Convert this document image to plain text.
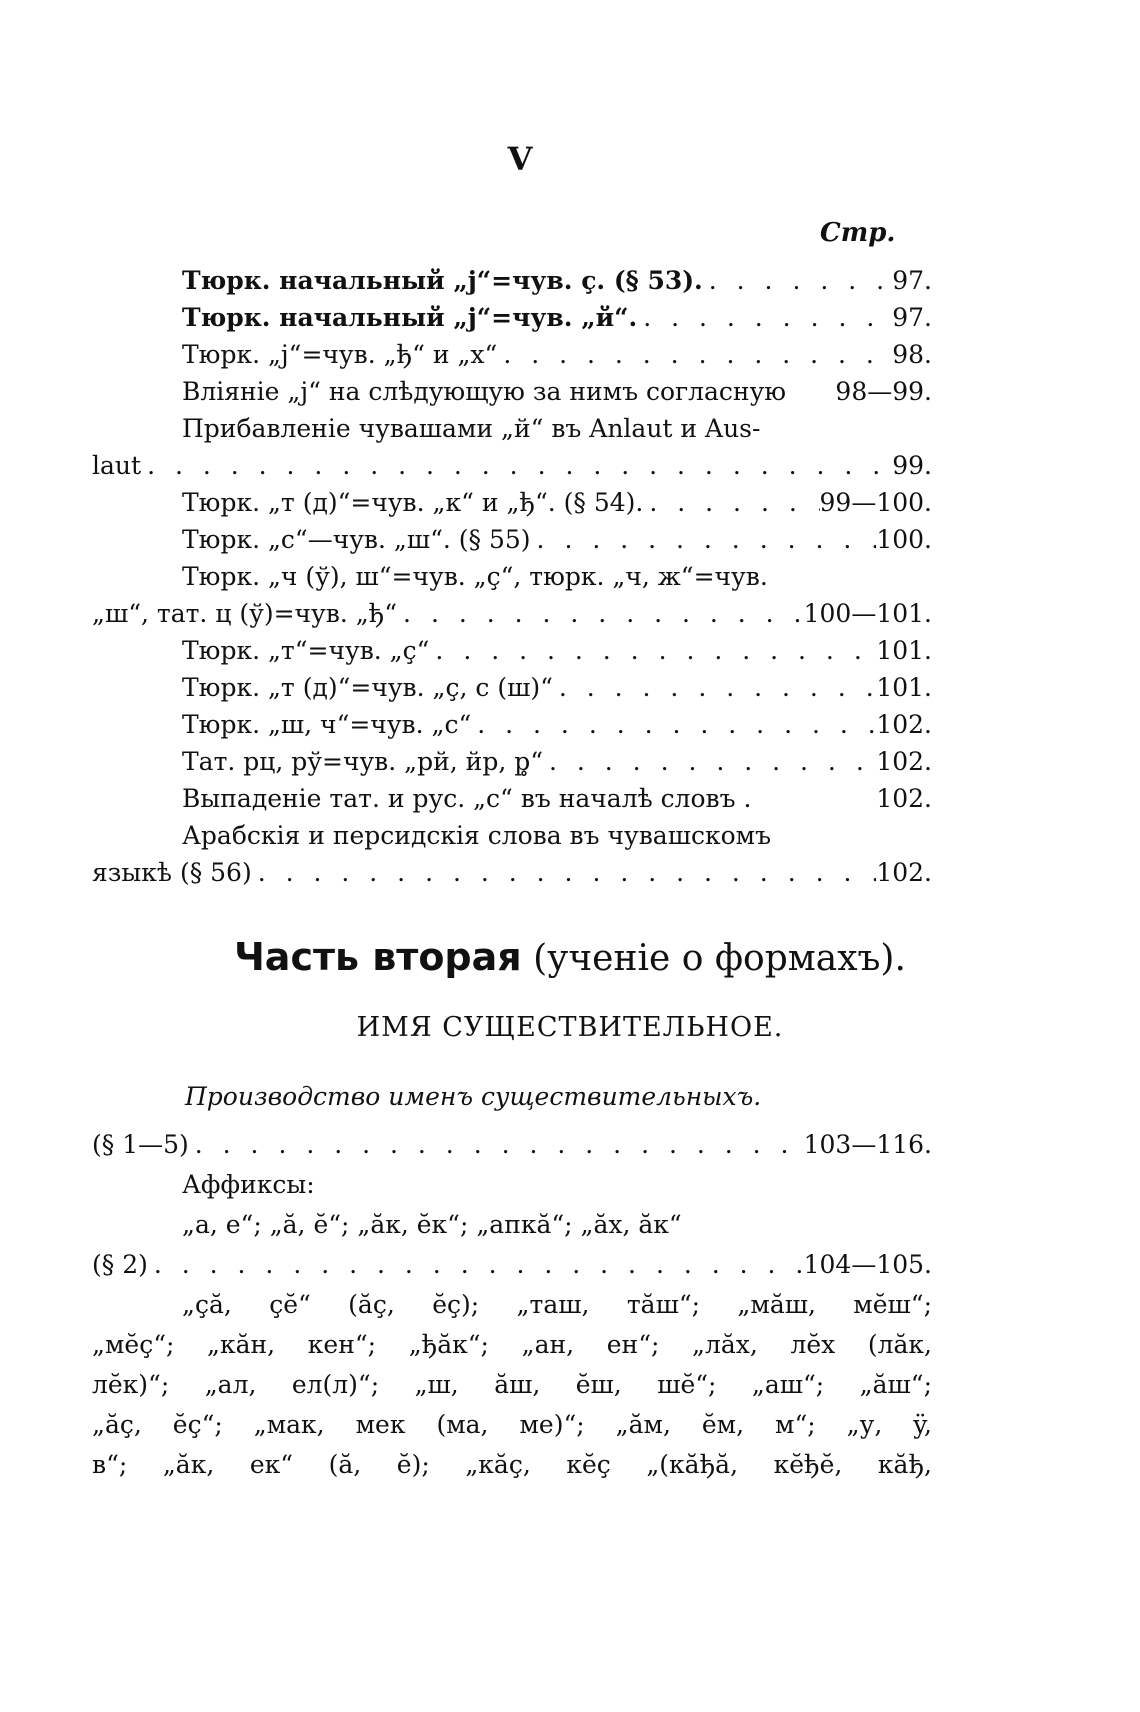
V
Стр.
Тюрк. начальный „j“=чув. ç. (§ 53). . . .	97.
Тюрк. начальный „j“=чув. „й“. . . .	97.
Тюрк. „j“=чув. „ђ“ и „х“ . . .	98.
Вліяніе „j“ на слѣдующую за нимъ согласную 98—99.
Прибавленіе чувашами „й“ въ Anlaut и Aus-
laut . . .	99.
Тюрк. „т (д)“=чув. „к“ и „ђ“. (§ 54). . . .	99—100.
Тюрк. „с“—чув. „ш“. (§ 55) . . .	100.
Тюрк. „ч (ў), ш“=чув. „ç“, тюрк. „ч, ж“=чув.
„ш“, тат. ц (ў)=чув. „ђ“ . . .	100—101.
Тюрк. „т“=чув. „ç“ . . .	101.
Тюрк. „т (д)“=чув. „ç, с (ш)“ . . .	101.
Тюрк. „ш, ч“=чув. „с“ . . .	102.
Тат. рц, рў=чув. „рй, йр, р̥“ . . .	102.
Выпаденіе тат. и рус. „с“ въ началѣ словъ .	102.
Арабскія и персидскія слова въ чувашскомъ
языкѣ (§ 56) . . .	102.
Часть вторая (ученіе о формахъ).
ИМЯ СУЩЕСТВИТЕЛЬНОЕ.
Производство именъ существительныхъ.
(§ 1—5) . . .	103—116.
Аффиксы:
„а, е“; „ă, ĕ“; „ăк, ĕк“; „апкă“; „ăх, ăк“
(§ 2) . . .	104—105.
„çă, çĕ“ (ăç, ĕç); „таш, тăш“; „мăш, мĕш“;
„мĕç“; „кăн, кен“; „ђăк“; „ан, ен“; „лăх, лĕх (лăк,
лĕк)“; „ал, ел(л)“; „ш, ăш, ĕш, шĕ“; „аш“; „ăш“;
„ăç, ĕç“; „мак, мек (ма, ме)“; „ăм, ĕм, м“; „у, ÿ,
в“; „ăк, ек“ (ă, ĕ); „кăç, кĕç „(кăђă, кĕђĕ, кăђ,
